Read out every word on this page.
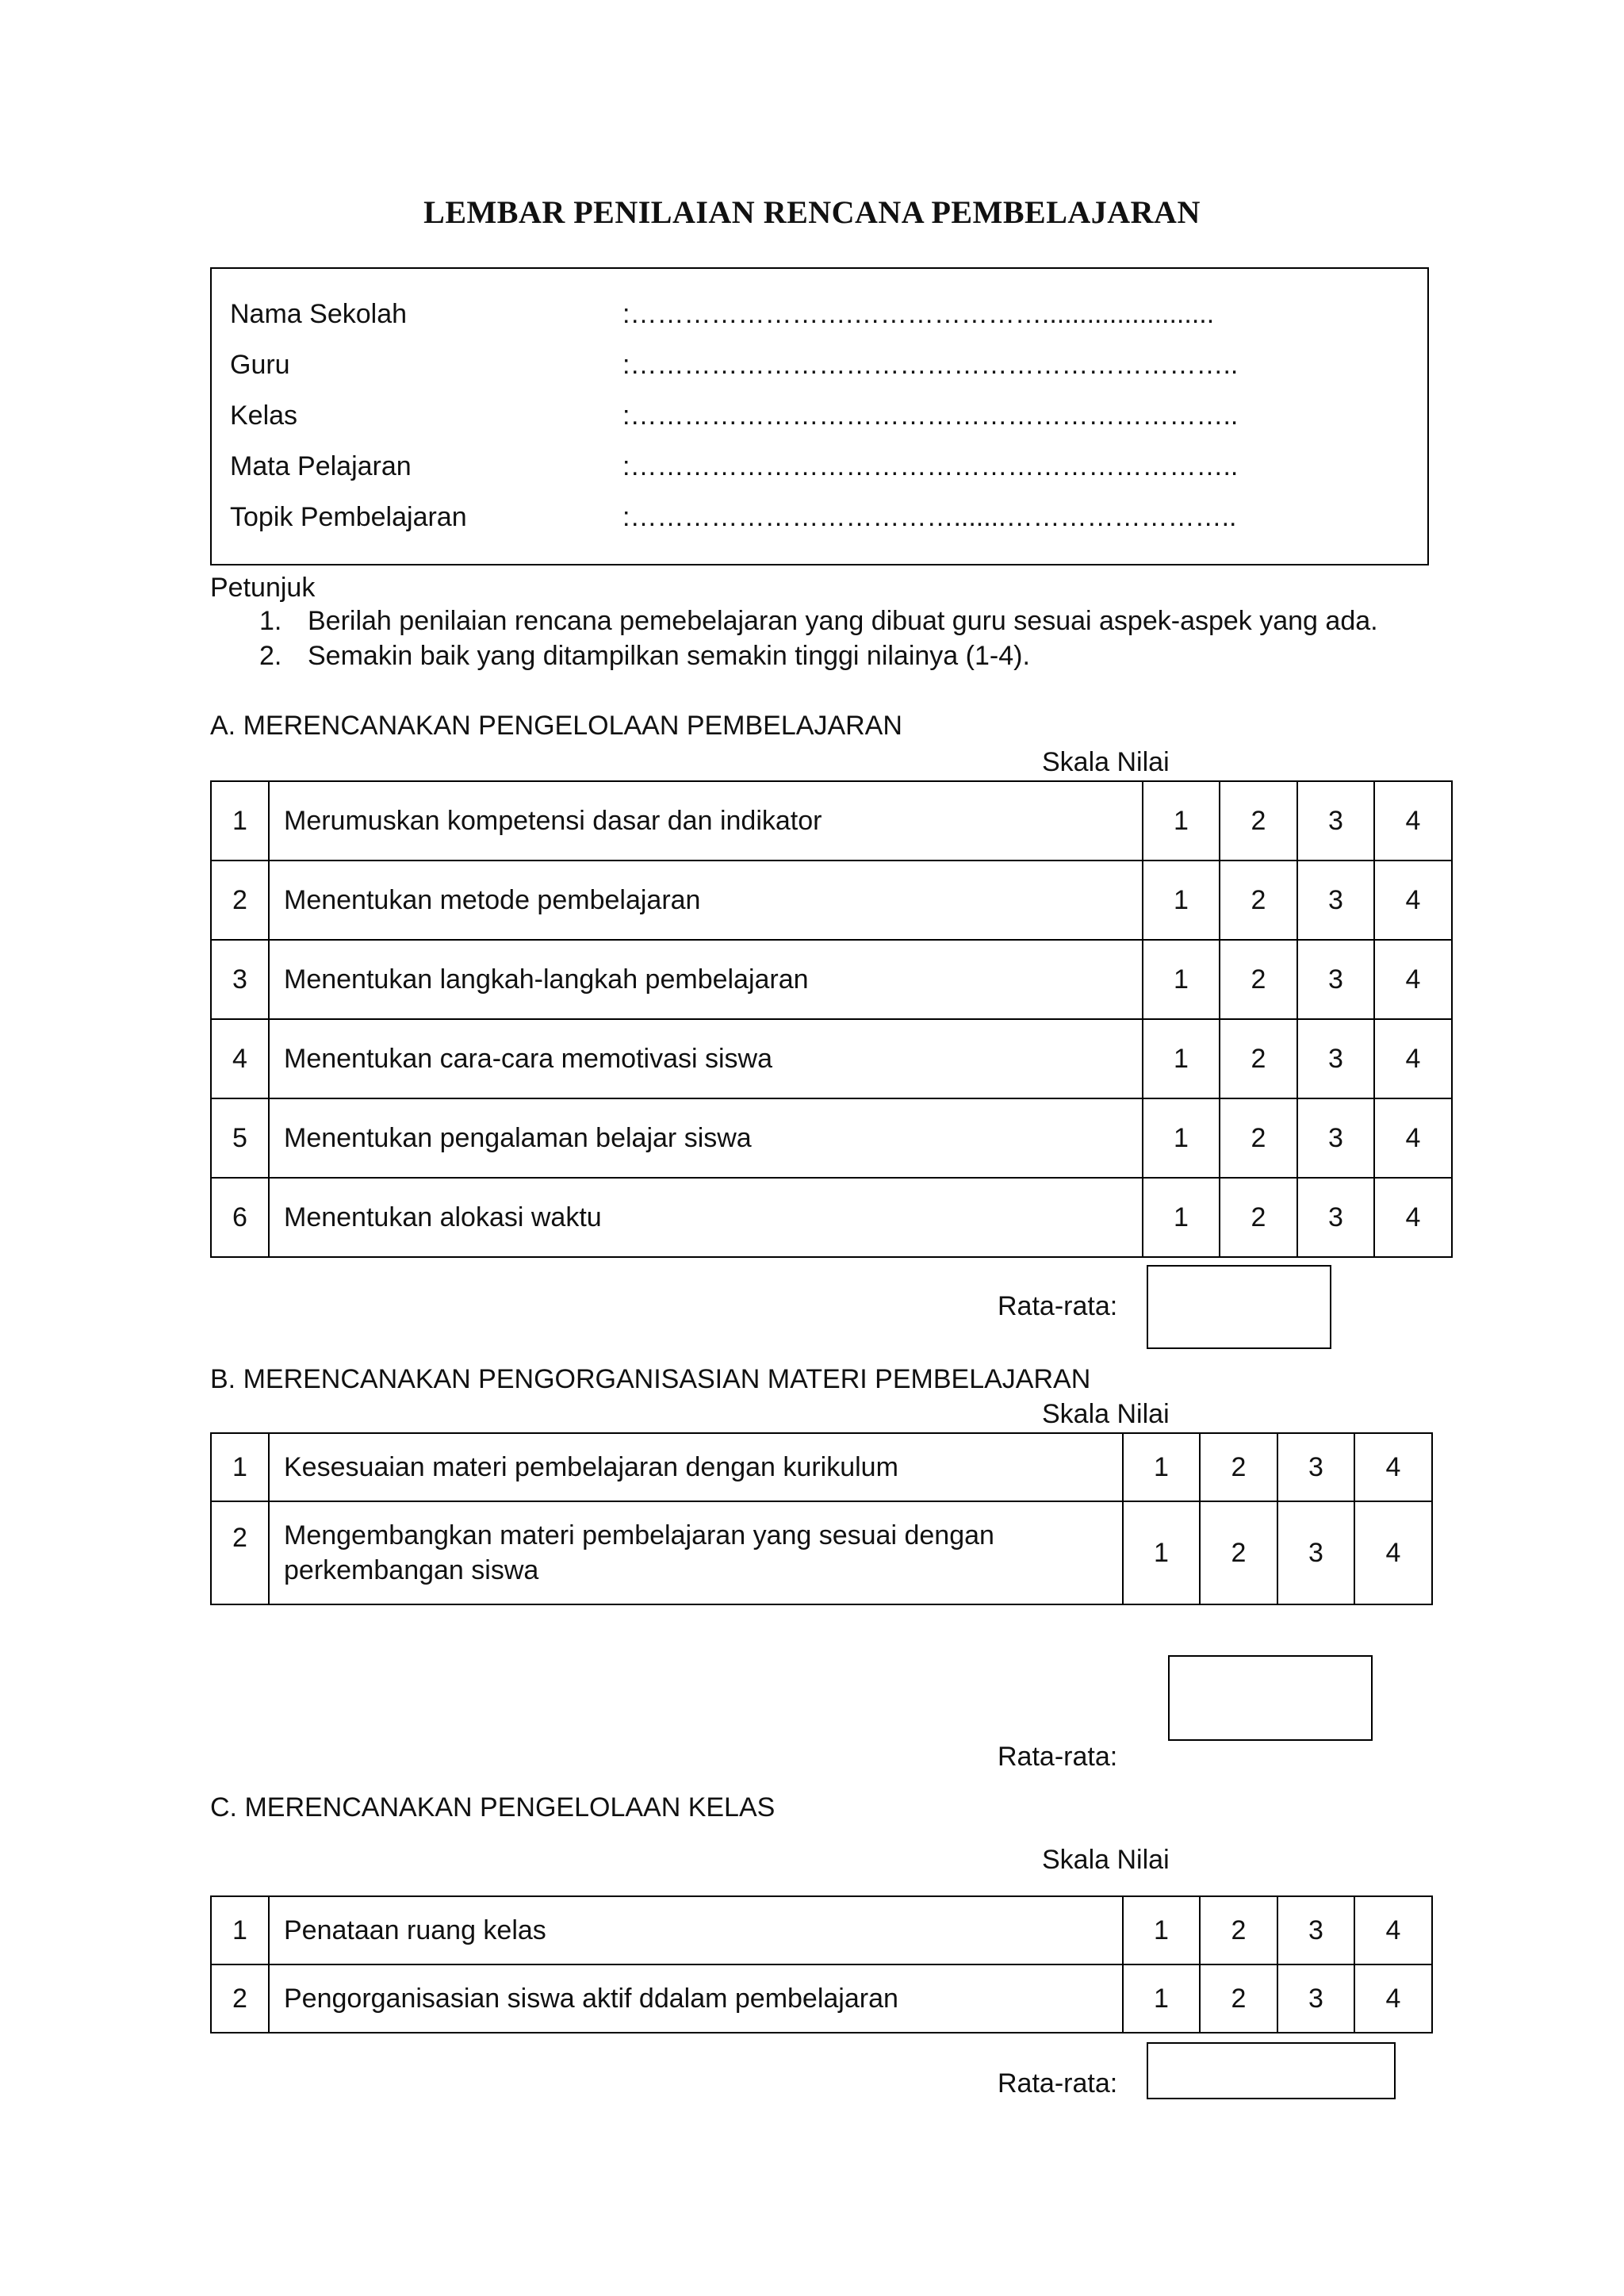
LEMBAR PENILAIAN RENCANA PEMBELAJARAN
Nama Sekolah	:…………………….………………….......................
Guru	:…………………………………………………………..
Kelas	:…………………………………………………………..
Mata Pelajaran	:…………………………………………………………..
Topik Pembelajaran	:……………………………….......……………………..
Petunjuk
1. Berilah penilaian rencana pemebelajaran yang dibuat guru sesuai aspek-aspek yang ada.
2. Semakin baik yang ditampilkan semakin tinggi nilainya (1-4).
A. MERENCANAKAN PENGELOLAAN PEMBELAJARAN
Skala Nilai
1	Merumuskan kompetensi dasar dan indikator	1	2	3	4
2	Menentukan metode pembelajaran	1	2	3	4
3	Menentukan langkah-langkah pembelajaran	1	2	3	4
4	Menentukan cara-cara memotivasi siswa	1	2	3	4
5	Menentukan pengalaman belajar siswa	1	2	3	4
6	Menentukan alokasi waktu	1	2	3	4
Rata-rata:
B. MERENCANAKAN PENGORGANISASIAN MATERI PEMBELAJARAN
Skala Nilai
1	Kesesuaian materi pembelajaran dengan kurikulum	1	2	3	4
2	Mengembangkan materi pembelajaran yang sesuai dengan perkembangan siswa	1	2	3	4
Rata-rata:
C. MERENCANAKAN PENGELOLAAN KELAS
Skala Nilai
1	Penataan ruang kelas	1	2	3	4
2	Pengorganisasian siswa aktif ddalam pembelajaran	1	2	3	4
Rata-rata:
